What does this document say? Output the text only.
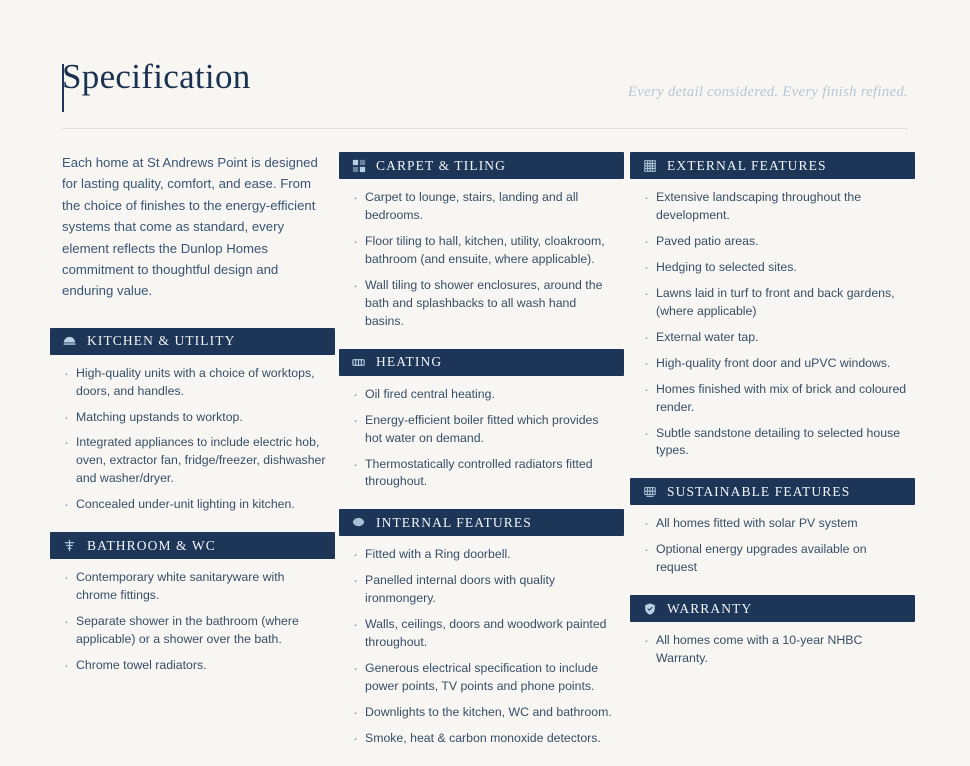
Specification	Every detail considered. Every finish refined.

Each home at St Andrews Point is designed for lasting quality, comfort, and ease. From the choice of finishes to the energy-efficient systems that come as standard, every element reflects the Dunlop Homes commitment to thoughtful design and enduring value.

KITCHEN & UTILITY
· High-quality units with a choice of worktops, doors, and handles.
· Matching upstands to worktop.
· Integrated appliances to include electric hob, oven, extractor fan, fridge/freezer, dishwasher and washer/dryer.
· Concealed under-unit lighting in kitchen.
BATHROOM & WC
· Contemporary white sanitaryware with chrome fittings.
· Separate shower in the bathroom (where applicable) or a shower over the bath.
· Chrome towel radiators.
CARPET & TILING
· Carpet to lounge, stairs, landing and all bedrooms.
· Floor tiling to hall, kitchen, utility, cloakroom, bathroom (and ensuite, where applicable).
· Wall tiling to shower enclosures, around the bath and splashbacks to all wash hand basins.
HEATING
· Oil fired central heating.
· Energy-efficient boiler fitted which provides hot water on demand.
· Thermostatically controlled radiators fitted throughout.
INTERNAL FEATURES
· Fitted with a Ring doorbell.
· Panelled internal doors with quality ironmongery.
· Walls, ceilings, doors and woodwork painted throughout.
· Generous electrical specification to include power points, TV points and phone points.
· Downlights to the kitchen, WC and bathroom.
· Smoke, heat & carbon monoxide detectors.
EXTERNAL FEATURES
· Extensive landscaping throughout the development.
· Paved patio areas.
· Hedging to selected sites.
· Lawns laid in turf to front and back gardens, (where applicable)
· External water tap.
· High-quality front door and uPVC windows.
· Homes finished with mix of brick and coloured render.
· Subtle sandstone detailing to selected house types.
SUSTAINABLE FEATURES
· All homes fitted with solar PV system
· Optional energy upgrades available on request
WARRANTY
· All homes come with a 10-year NHBC Warranty.
